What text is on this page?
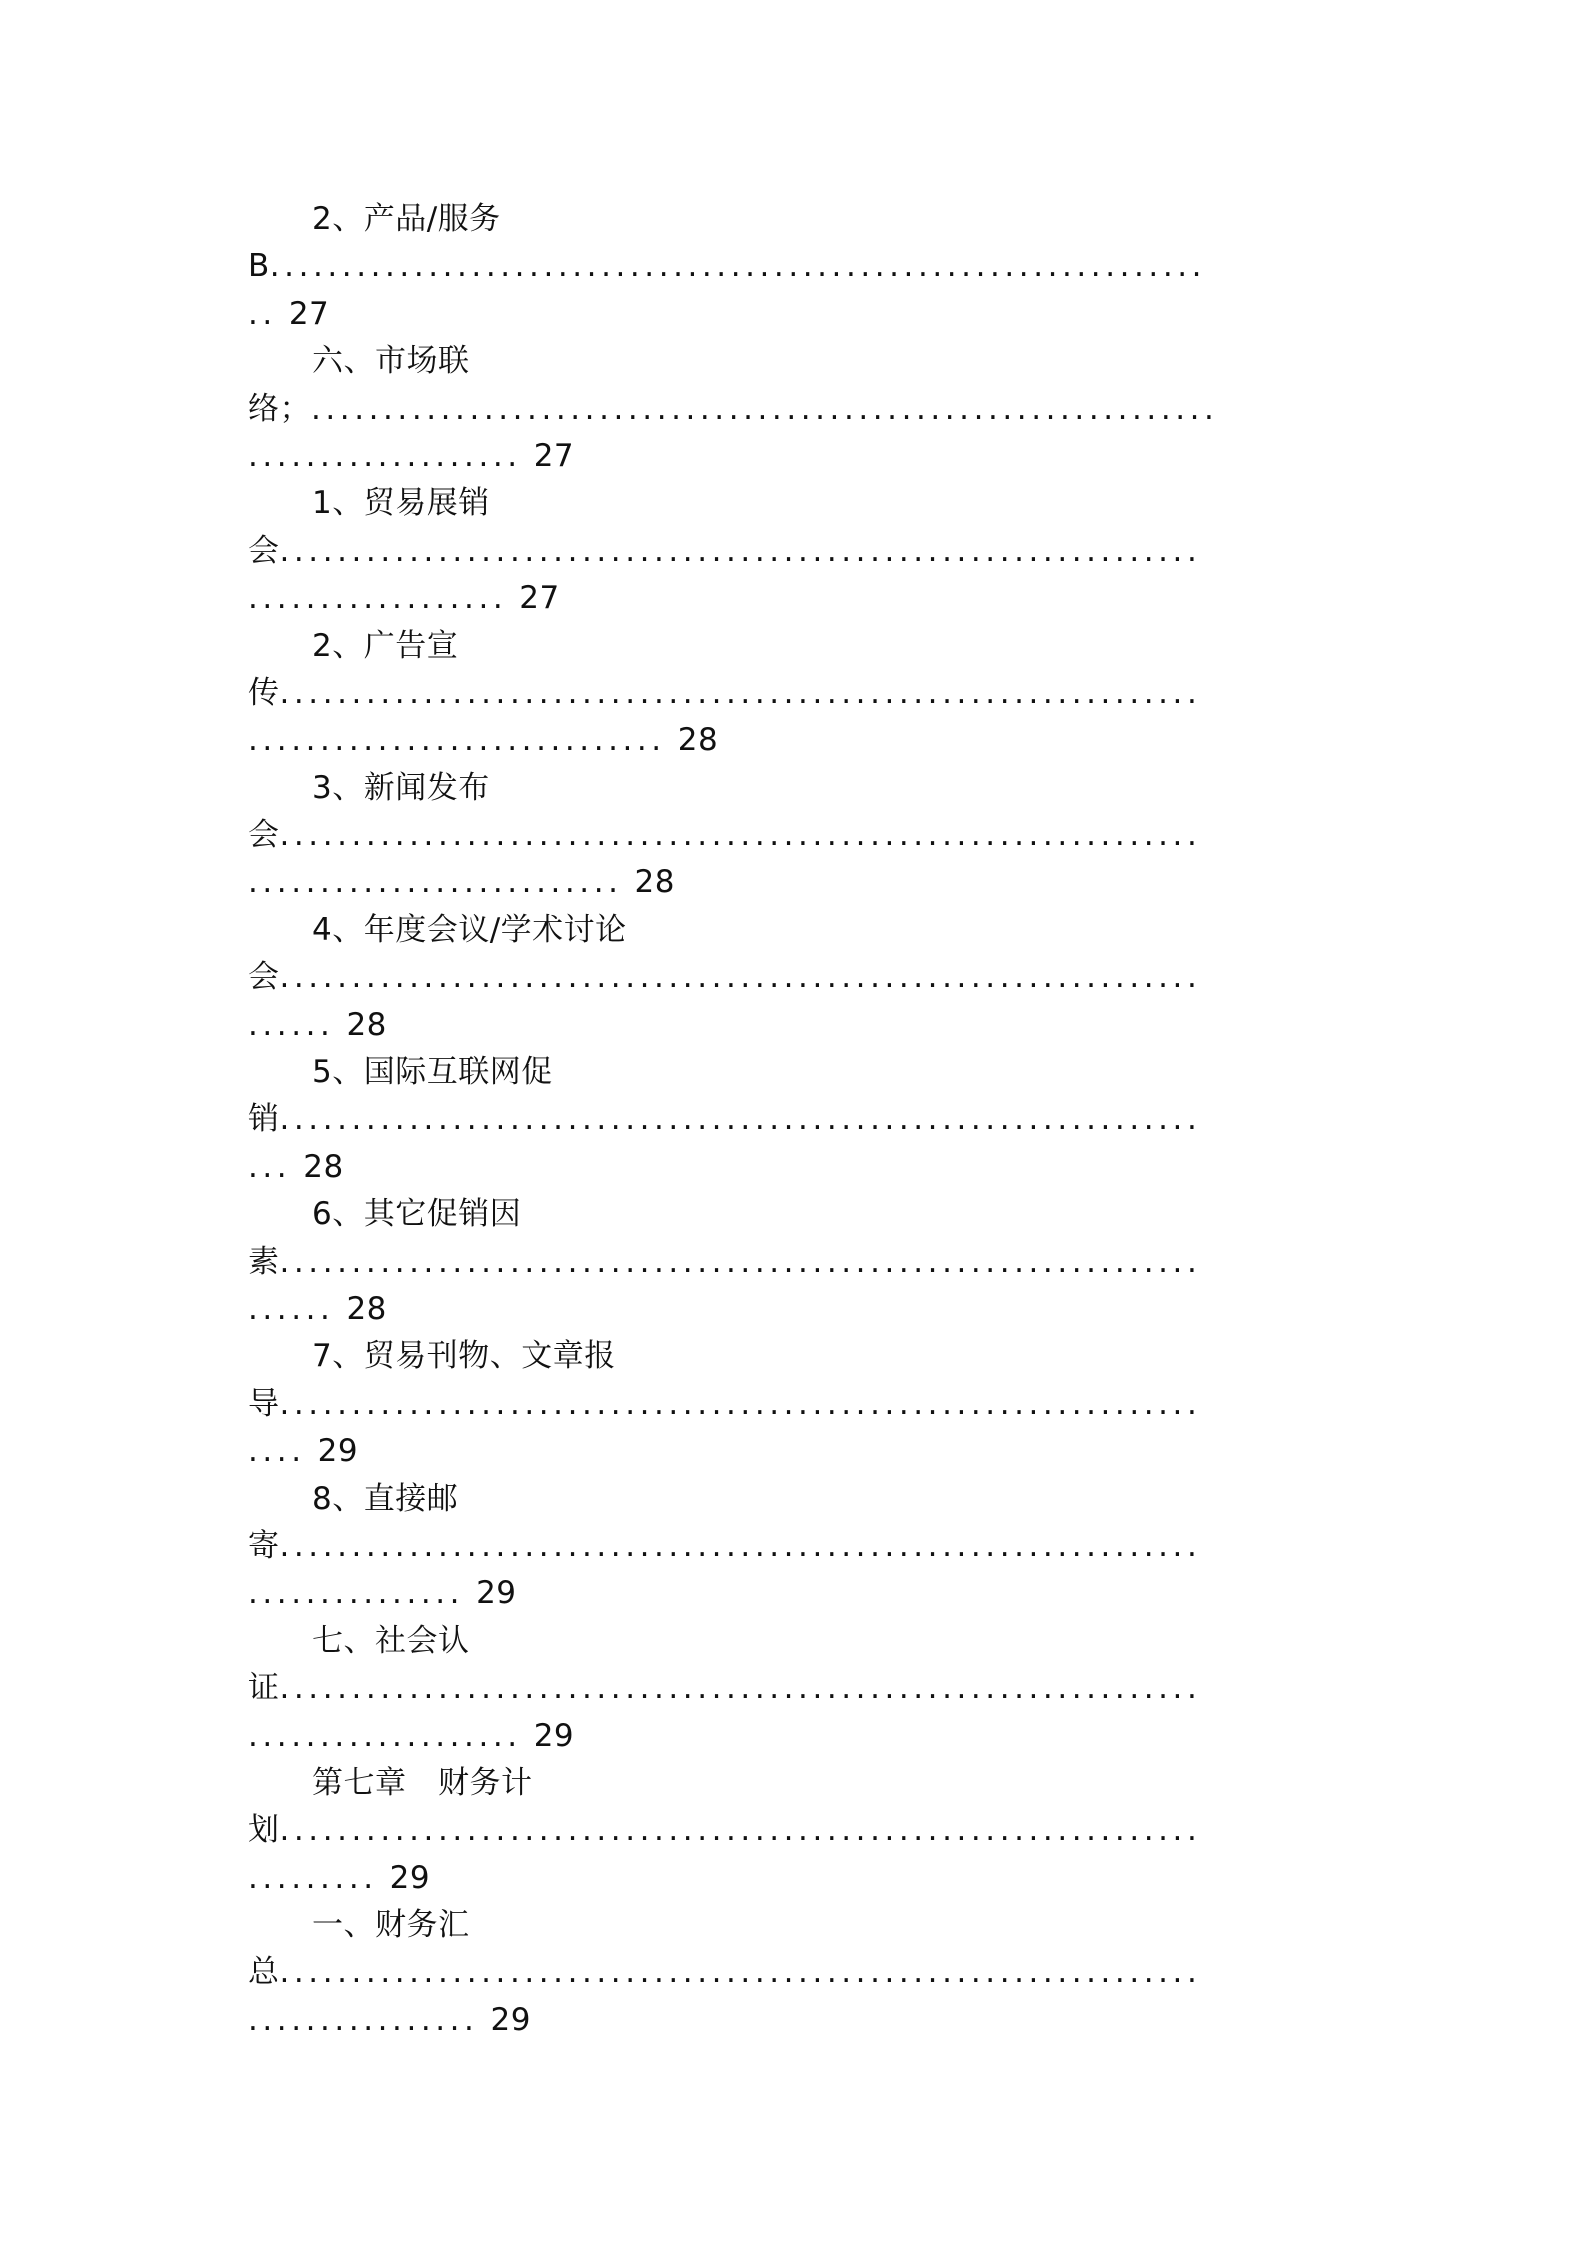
2、产品/服务
B.................................................................
.. 27
六、市场联
络；...............................................................
................... 27
1、贸易展销
会................................................................
.................. 27
2、广告宣
传................................................................
............................. 28
3、新闻发布
会................................................................
.......................... 28
4、年度会议/学术讨论
会................................................................
...... 28
5、国际互联网促
销................................................................
... 28
6、其它促销因
素................................................................
...... 28
7、贸易刊物、文章报
导................................................................
.... 29
8、直接邮
寄................................................................
............... 29
七、社会认
证................................................................
................... 29
第七章　财务计
划................................................................
......... 29
一、财务汇
总................................................................
................ 29
